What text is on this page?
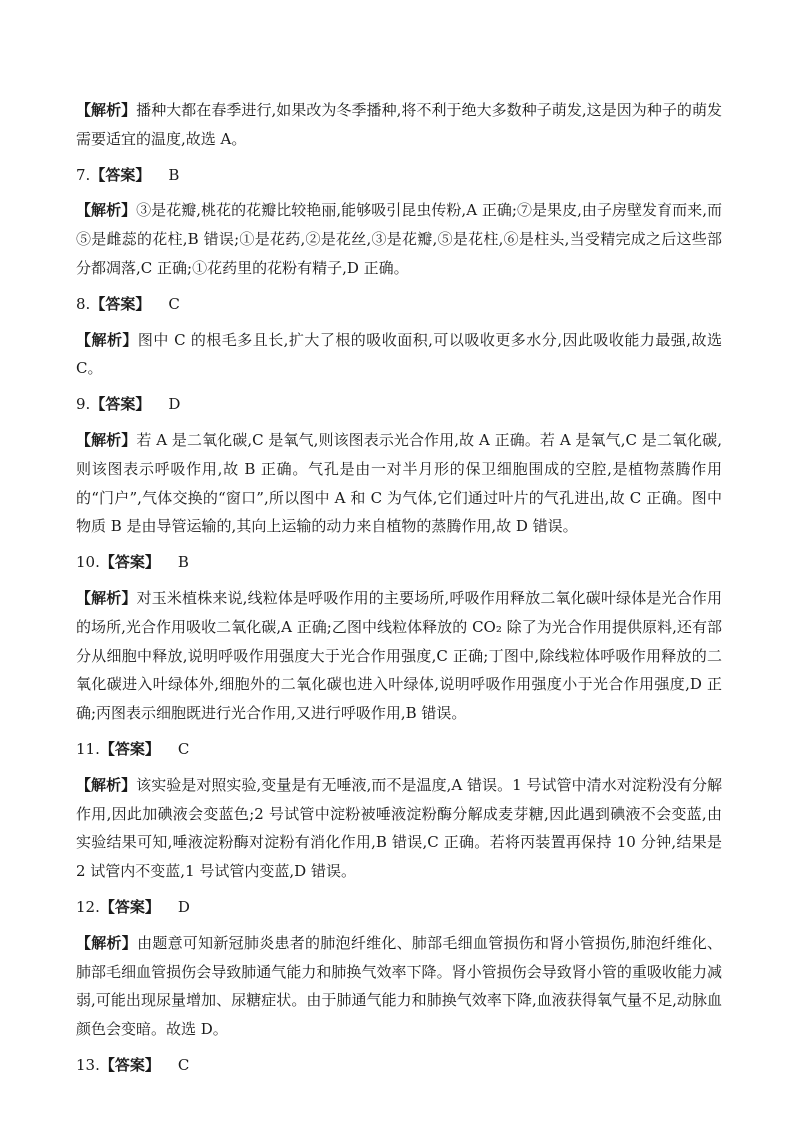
【解析】播种大都在春季进行,如果改为冬季播种,将不利于绝大多数种子萌发,这是因为种子的萌发需要适宜的温度,故选 A。

7.【答案】 B

【解析】③是花瓣,桃花的花瓣比较艳丽,能够吸引昆虫传粉,A 正确;⑦是果皮,由子房壁发育而来,而⑤是雌蕊的花柱,B 错误;①是花药,②是花丝,③是花瓣,⑤是花柱,⑥是柱头,当受精完成之后这些部分都凋落,C 正确;①花药里的花粉有精子,D 正确。

8.【答案】 C

【解析】图中 C 的根毛多且长,扩大了根的吸收面积,可以吸收更多水分,因此吸收能力最强,故选 C。

9.【答案】 D

【解析】若 A 是二氧化碳,C 是氧气,则该图表示光合作用,故 A 正确。若 A 是氧气,C 是二氧化碳,则该图表示呼吸作用,故 B 正确。气孔是由一对半月形的保卫细胞围成的空腔,是植物蒸腾作用的“门户”,气体交换的“窗口”,所以图中 A 和 C 为气体,它们通过叶片的气孔进出,故 C 正确。图中物质 B 是由导管运输的,其向上运输的动力来自植物的蒸腾作用,故 D 错误。

10.【答案】 B

【解析】对玉米植株来说,线粒体是呼吸作用的主要场所,呼吸作用释放二氧化碳叶绿体是光合作用的场所,光合作用吸收二氧化碳,A 正确;乙图中线粒体释放的 CO₂ 除了为光合作用提供原料,还有部分从细胞中释放,说明呼吸作用强度大于光合作用强度,C 正确;丁图中,除线粒体呼吸作用释放的二氧化碳进入叶绿体外,细胞外的二氧化碳也进入叶绿体,说明呼吸作用强度小于光合作用强度,D 正确;丙图表示细胞既进行光合作用,又进行呼吸作用,B 错误。

11.【答案】 C

【解析】该实验是对照实验,变量是有无唾液,而不是温度,A 错误。1 号试管中清水对淀粉没有分解作用,因此加碘液会变蓝色;2 号试管中淀粉被唾液淀粉酶分解成麦芽糖,因此遇到碘液不会变蓝,由实验结果可知,唾液淀粉酶对淀粉有消化作用,B 错误,C 正确。若将丙装置再保持 10 分钟,结果是 2 试管内不变蓝,1 号试管内变蓝,D 错误。

12.【答案】 D

【解析】由题意可知新冠肺炎患者的肺泡纤维化、肺部毛细血管损伤和肾小管损伤,肺泡纤维化、肺部毛细血管损伤会导致肺通气能力和肺换气效率下降。肾小管损伤会导致肾小管的重吸收能力减弱,可能出现尿量增加、尿糖症状。由于肺通气能力和肺换气效率下降,血液获得氧气量不足,动脉血颜色会变暗。故选 D。

13.【答案】 C
